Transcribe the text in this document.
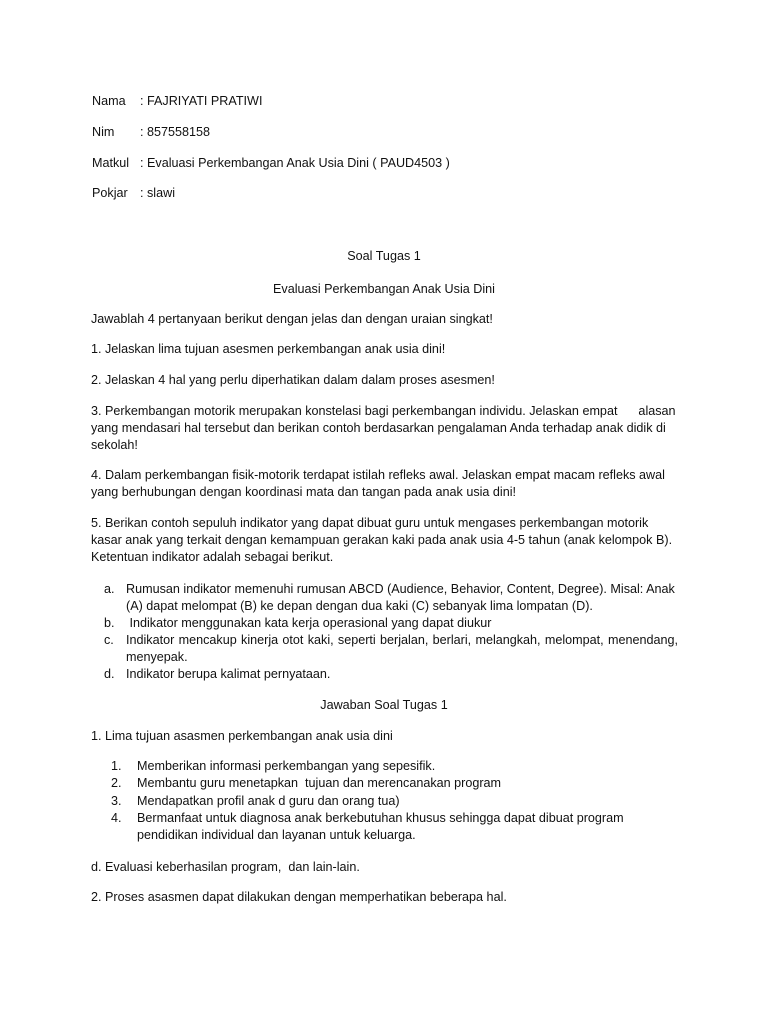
Nama	: FAJRIYATI PRATIWI
Nim	: 857558158
Matkul : Evaluasi Perkembangan Anak Usia Dini ( PAUD4503 )
Pokjar : slawi
Soal Tugas 1
Evaluasi Perkembangan Anak Usia Dini
Jawablah 4 pertanyaan berikut dengan jelas dan dengan uraian singkat!
1. Jelaskan lima tujuan asesmen perkembangan anak usia dini!
2. Jelaskan 4 hal yang perlu diperhatikan dalam dalam proses asesmen!
3. Perkembangan motorik merupakan konstelasi bagi perkembangan individu. Jelaskan empat      alasan yang mendasari hal tersebut dan berikan contoh berdasarkan pengalaman Anda terhadap anak didik di sekolah!
4. Dalam perkembangan fisik-motorik terdapat istilah refleks awal. Jelaskan empat macam refleks awal yang berhubungan dengan koordinasi mata dan tangan pada anak usia dini!
5. Berikan contoh sepuluh indikator yang dapat dibuat guru untuk mengases perkembangan motorik kasar anak yang terkait dengan kemampuan gerakan kaki pada anak usia 4-5 tahun (anak kelompok B). Ketentuan indikator adalah sebagai berikut.
a. Rumusan indikator memenuhi rumusan ABCD (Audience, Behavior, Content, Degree). Misal: Anak (A) dapat melompat (B) ke depan dengan dua kaki (C) sebanyak lima lompatan (D).
b. Indikator menggunakan kata kerja operasional yang dapat diukur
c. Indikator mencakup kinerja otot kaki, seperti berjalan, berlari, melangkah, melompat, menendang, menyepak.
d. Indikator berupa kalimat pernyataan.
Jawaban Soal Tugas 1
1. Lima tujuan asasmen perkembangan anak usia dini
1. Memberikan informasi perkembangan yang sepesifik.
2. Membantu guru menetapkan  tujuan dan merencanakan program
3. Mendapatkan profil anak d guru dan orang tua)
4. Bermanfaat untuk diagnosa anak berkebutuhan khusus sehingga dapat dibuat program pendidikan individual dan layanan untuk keluarga.
d. Evaluasi keberhasilan program,  dan lain-lain.
2. Proses asasmen dapat dilakukan dengan memperhatikan beberapa hal.
